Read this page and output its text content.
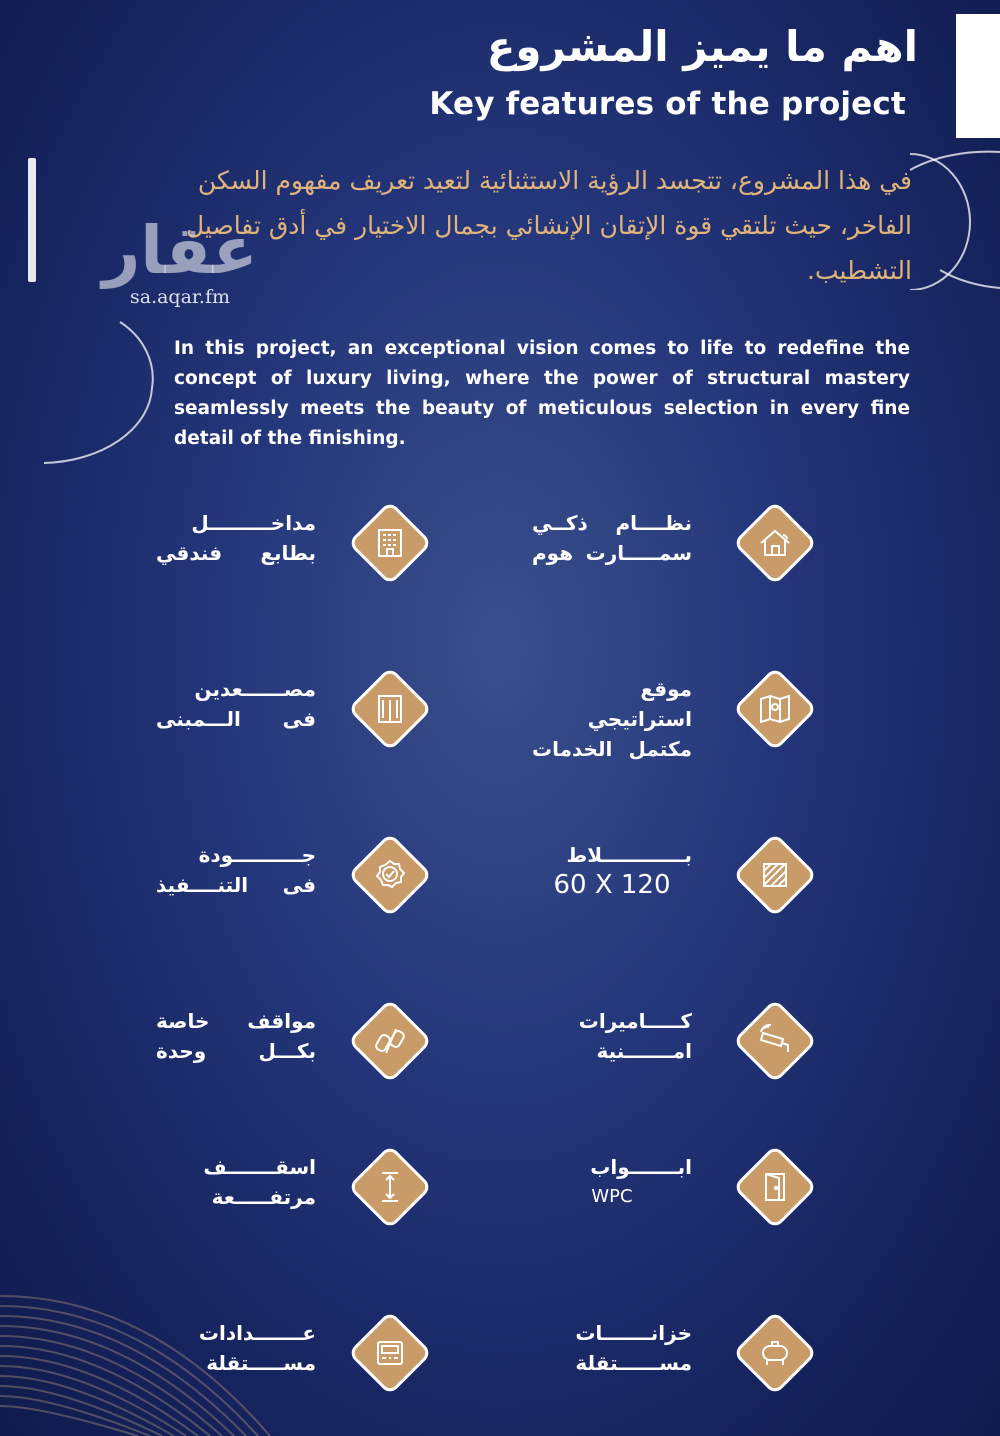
اهم ما يميز المشروع
Key features of the project
في هذا المشروع، تتجسد الرؤية الاستثنائية لتعيد تعريف مفهوم السكن الفاخر، حيث تلتقي قوة الإتقان الإنشائي بجمال الاختيار في أدق تفاصيل التشطيب.
In this project, an exceptional vision comes to life to redefine the concept of luxury living, where the power of structural mastery seamlessly meets the beauty of meticulous selection in every fine detail of the finishing.
عقار
sa.aqar.fm
نظــــام ذكــي
سمـــــارت هوم
مداخـــــــــل
بطابع فندقي
موقع استراتيجي
مكتمل الخدمات
مصــــــعدين
فى الـــمبنى
بــــــــــــلاط
60 X 120
جــــــــــودة
فى التنــــفيذ
كـــــاميرات
امـــــــنية
مواقف خاصة
بكـــل وحدة
ابـــــــواب
WPC
اسقـــــــف
مرتفـــــعة
خزانـــــــات
مســــــتقلة
عـــــــدادات
مســـــتقلة
